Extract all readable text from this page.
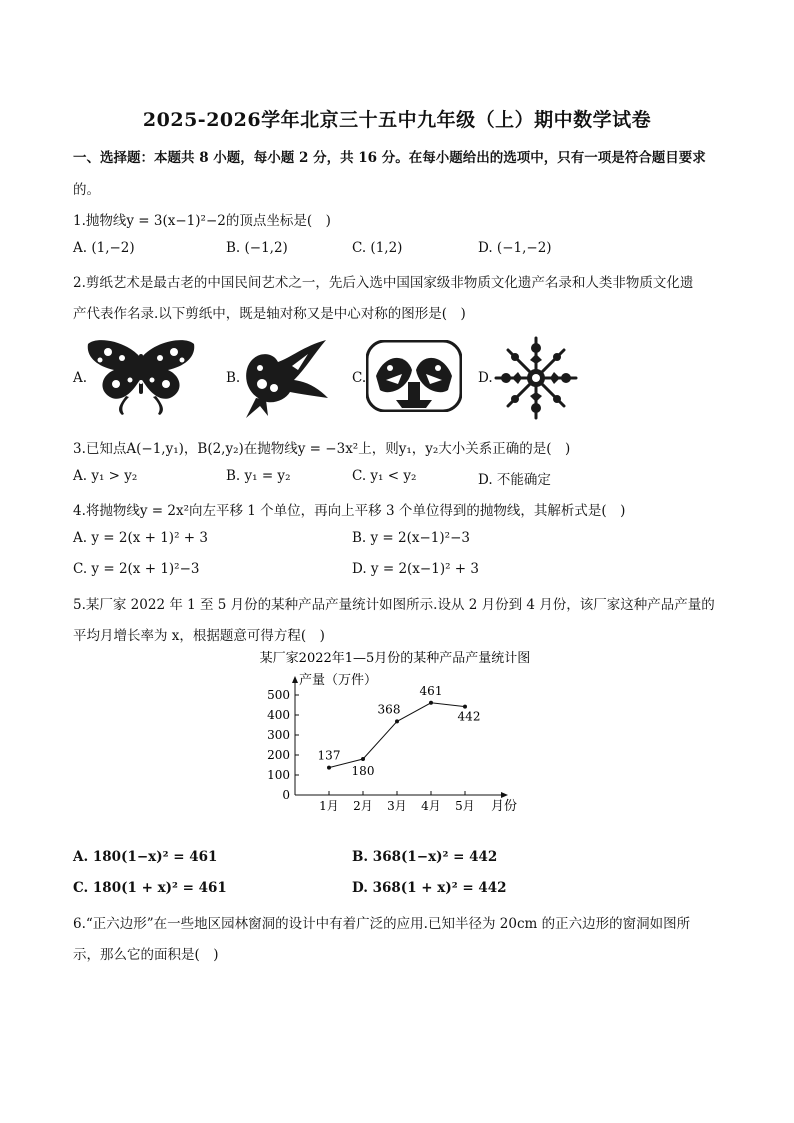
2025-2026学年北京三十五中九年级（上）期中数学试卷
一、选择题：本题共 8 小题，每小题 2 分，共 16 分。在每小题给出的选项中，只有一项是符合题目要求
的。
1.抛物线y = 3(x−1)²−2的顶点坐标是(　)
A. (1,−2)	B. (−1,2)	C. (1,2)	D. (−1,−2)
2.剪纸艺术是最古老的中国民间艺术之一，先后入选中国国家级非物质文化遗产名录和人类非物质文化遗
产代表作名录.以下剪纸中，既是轴对称又是中心对称的图形是(　)
A.	B.	C.	D.
3.已知点A(−1,y₁)，B(2,y₂)在抛物线y = −3x²上，则y₁，y₂大小关系正确的是(　)
A. y₁ > y₂	B. y₁ = y₂	C. y₁ < y₂	D. 不能确定
4.将抛物线y = 2x²向左平移 1 个单位，再向上平移 3 个单位得到的抛物线，其解析式是(　)
A. y = 2(x + 1)² + 3	B. y = 2(x−1)²−3
C. y = 2(x + 1)²−3	D. y = 2(x−1)² + 3
5.某厂家 2022 年 1 至 5 月份的某种产品产量统计如图所示.设从 2 月份到 4 月份，该厂家这种产品产量的
平均月增长率为 x，根据题意可得方程(　)
某厂家2022年1—5月份的某种产品产量统计图
产量（万件）
月份
0
100
200
300
400
500
1月 2月 3月 4月 5月
137
180
368
461
442
A. 180(1−x)² = 461	B. 368(1−x)² = 442
C. 180(1 + x)² = 461	D. 368(1 + x)² = 442
6.“正六边形”在一些地区园林窗洞的设计中有着广泛的应用.已知半径为 20cm 的正六边形的窗洞如图所
示，那么它的面积是(　)
